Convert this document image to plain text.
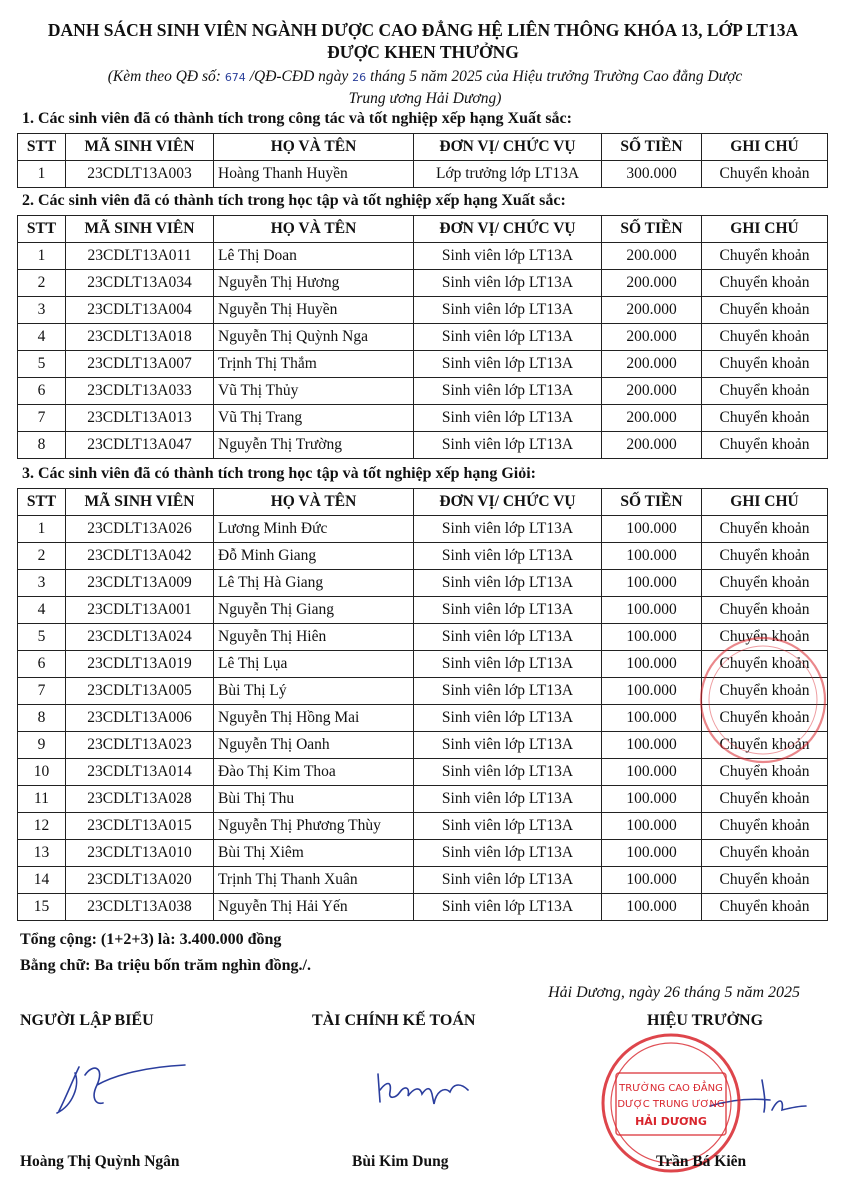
DANH SÁCH SINH VIÊN NGÀNH DƯỢC CAO ĐẲNG HỆ LIÊN THÔNG KHÓA 13, LỚP LT13A
ĐƯỢC KHEN THƯỞNG
(Kèm theo QĐ số: 674 /QĐ-CĐD ngày 26 tháng 5 năm 2025 của Hiệu trưởng Trường Cao đẳng Dược
Trung ương Hải Dương)
1. Các sinh viên đã có thành tích trong công tác và tốt nghiệp xếp hạng Xuất sắc:
STT	MÃ SINH VIÊN	HỌ VÀ TÊN	ĐƠN VỊ/ CHỨC VỤ	SỐ TIỀN	GHI CHÚ
1	23CDLT13A003	Hoàng Thanh Huyền	Lớp trưởng lớp LT13A	300.000	Chuyển khoản
2. Các sinh viên đã có thành tích trong học tập và tốt nghiệp xếp hạng Xuất sắc:
STT	MÃ SINH VIÊN	HỌ VÀ TÊN	ĐƠN VỊ/ CHỨC VỤ	SỐ TIỀN	GHI CHÚ
1	23CDLT13A011	Lê Thị Doan	Sinh viên lớp LT13A	200.000	Chuyển khoản
2	23CDLT13A034	Nguyễn Thị Hương	Sinh viên lớp LT13A	200.000	Chuyển khoản
3	23CDLT13A004	Nguyễn Thị Huyền	Sinh viên lớp LT13A	200.000	Chuyển khoản
4	23CDLT13A018	Nguyễn Thị Quỳnh Nga	Sinh viên lớp LT13A	200.000	Chuyển khoản
5	23CDLT13A007	Trịnh Thị Thắm	Sinh viên lớp LT13A	200.000	Chuyển khoản
6	23CDLT13A033	Vũ Thị Thủy	Sinh viên lớp LT13A	200.000	Chuyển khoản
7	23CDLT13A013	Vũ Thị Trang	Sinh viên lớp LT13A	200.000	Chuyển khoản
8	23CDLT13A047	Nguyễn Thị Trường	Sinh viên lớp LT13A	200.000	Chuyển khoản
3. Các sinh viên đã có thành tích trong học tập và tốt nghiệp xếp hạng Giỏi:
STT	MÃ SINH VIÊN	HỌ VÀ TÊN	ĐƠN VỊ/ CHỨC VỤ	SỐ TIỀN	GHI CHÚ
1	23CDLT13A026	Lương Minh Đức	Sinh viên lớp LT13A	100.000	Chuyển khoản
2	23CDLT13A042	Đỗ Minh Giang	Sinh viên lớp LT13A	100.000	Chuyển khoản
3	23CDLT13A009	Lê Thị Hà Giang	Sinh viên lớp LT13A	100.000	Chuyển khoản
4	23CDLT13A001	Nguyễn Thị Giang	Sinh viên lớp LT13A	100.000	Chuyển khoản
5	23CDLT13A024	Nguyễn Thị Hiên	Sinh viên lớp LT13A	100.000	Chuyển khoản
6	23CDLT13A019	Lê Thị Lụa	Sinh viên lớp LT13A	100.000	Chuyển khoản
7	23CDLT13A005	Bùi Thị Lý	Sinh viên lớp LT13A	100.000	Chuyển khoản
8	23CDLT13A006	Nguyễn Thị Hồng Mai	Sinh viên lớp LT13A	100.000	Chuyển khoản
9	23CDLT13A023	Nguyễn Thị Oanh	Sinh viên lớp LT13A	100.000	Chuyển khoản
10	23CDLT13A014	Đào Thị Kim Thoa	Sinh viên lớp LT13A	100.000	Chuyển khoản
11	23CDLT13A028	Bùi Thị Thu	Sinh viên lớp LT13A	100.000	Chuyển khoản
12	23CDLT13A015	Nguyễn Thị Phương Thùy	Sinh viên lớp LT13A	100.000	Chuyển khoản
13	23CDLT13A010	Bùi Thị Xiêm	Sinh viên lớp LT13A	100.000	Chuyển khoản
14	23CDLT13A020	Trịnh Thị Thanh Xuân	Sinh viên lớp LT13A	100.000	Chuyển khoản
15	23CDLT13A038	Nguyễn Thị Hải Yến	Sinh viên lớp LT13A	100.000	Chuyển khoản
Tổng cộng: (1+2+3) là: 3.400.000 đồng
Bằng chữ: Ba triệu bốn trăm nghìn đồng./.
Hải Dương, ngày 26 tháng 5 năm 2025
NGƯỜI LẬP BIỂU	TÀI CHÍNH KẾ TOÁN	HIỆU TRƯỞNG
TRƯỜNG CAO ĐẲNG
DƯỢC TRUNG ƯƠNG
HẢI DƯƠNG
Hoàng Thị Quỳnh Ngân	Bùi Kim Dung	Trần Bá Kiên
